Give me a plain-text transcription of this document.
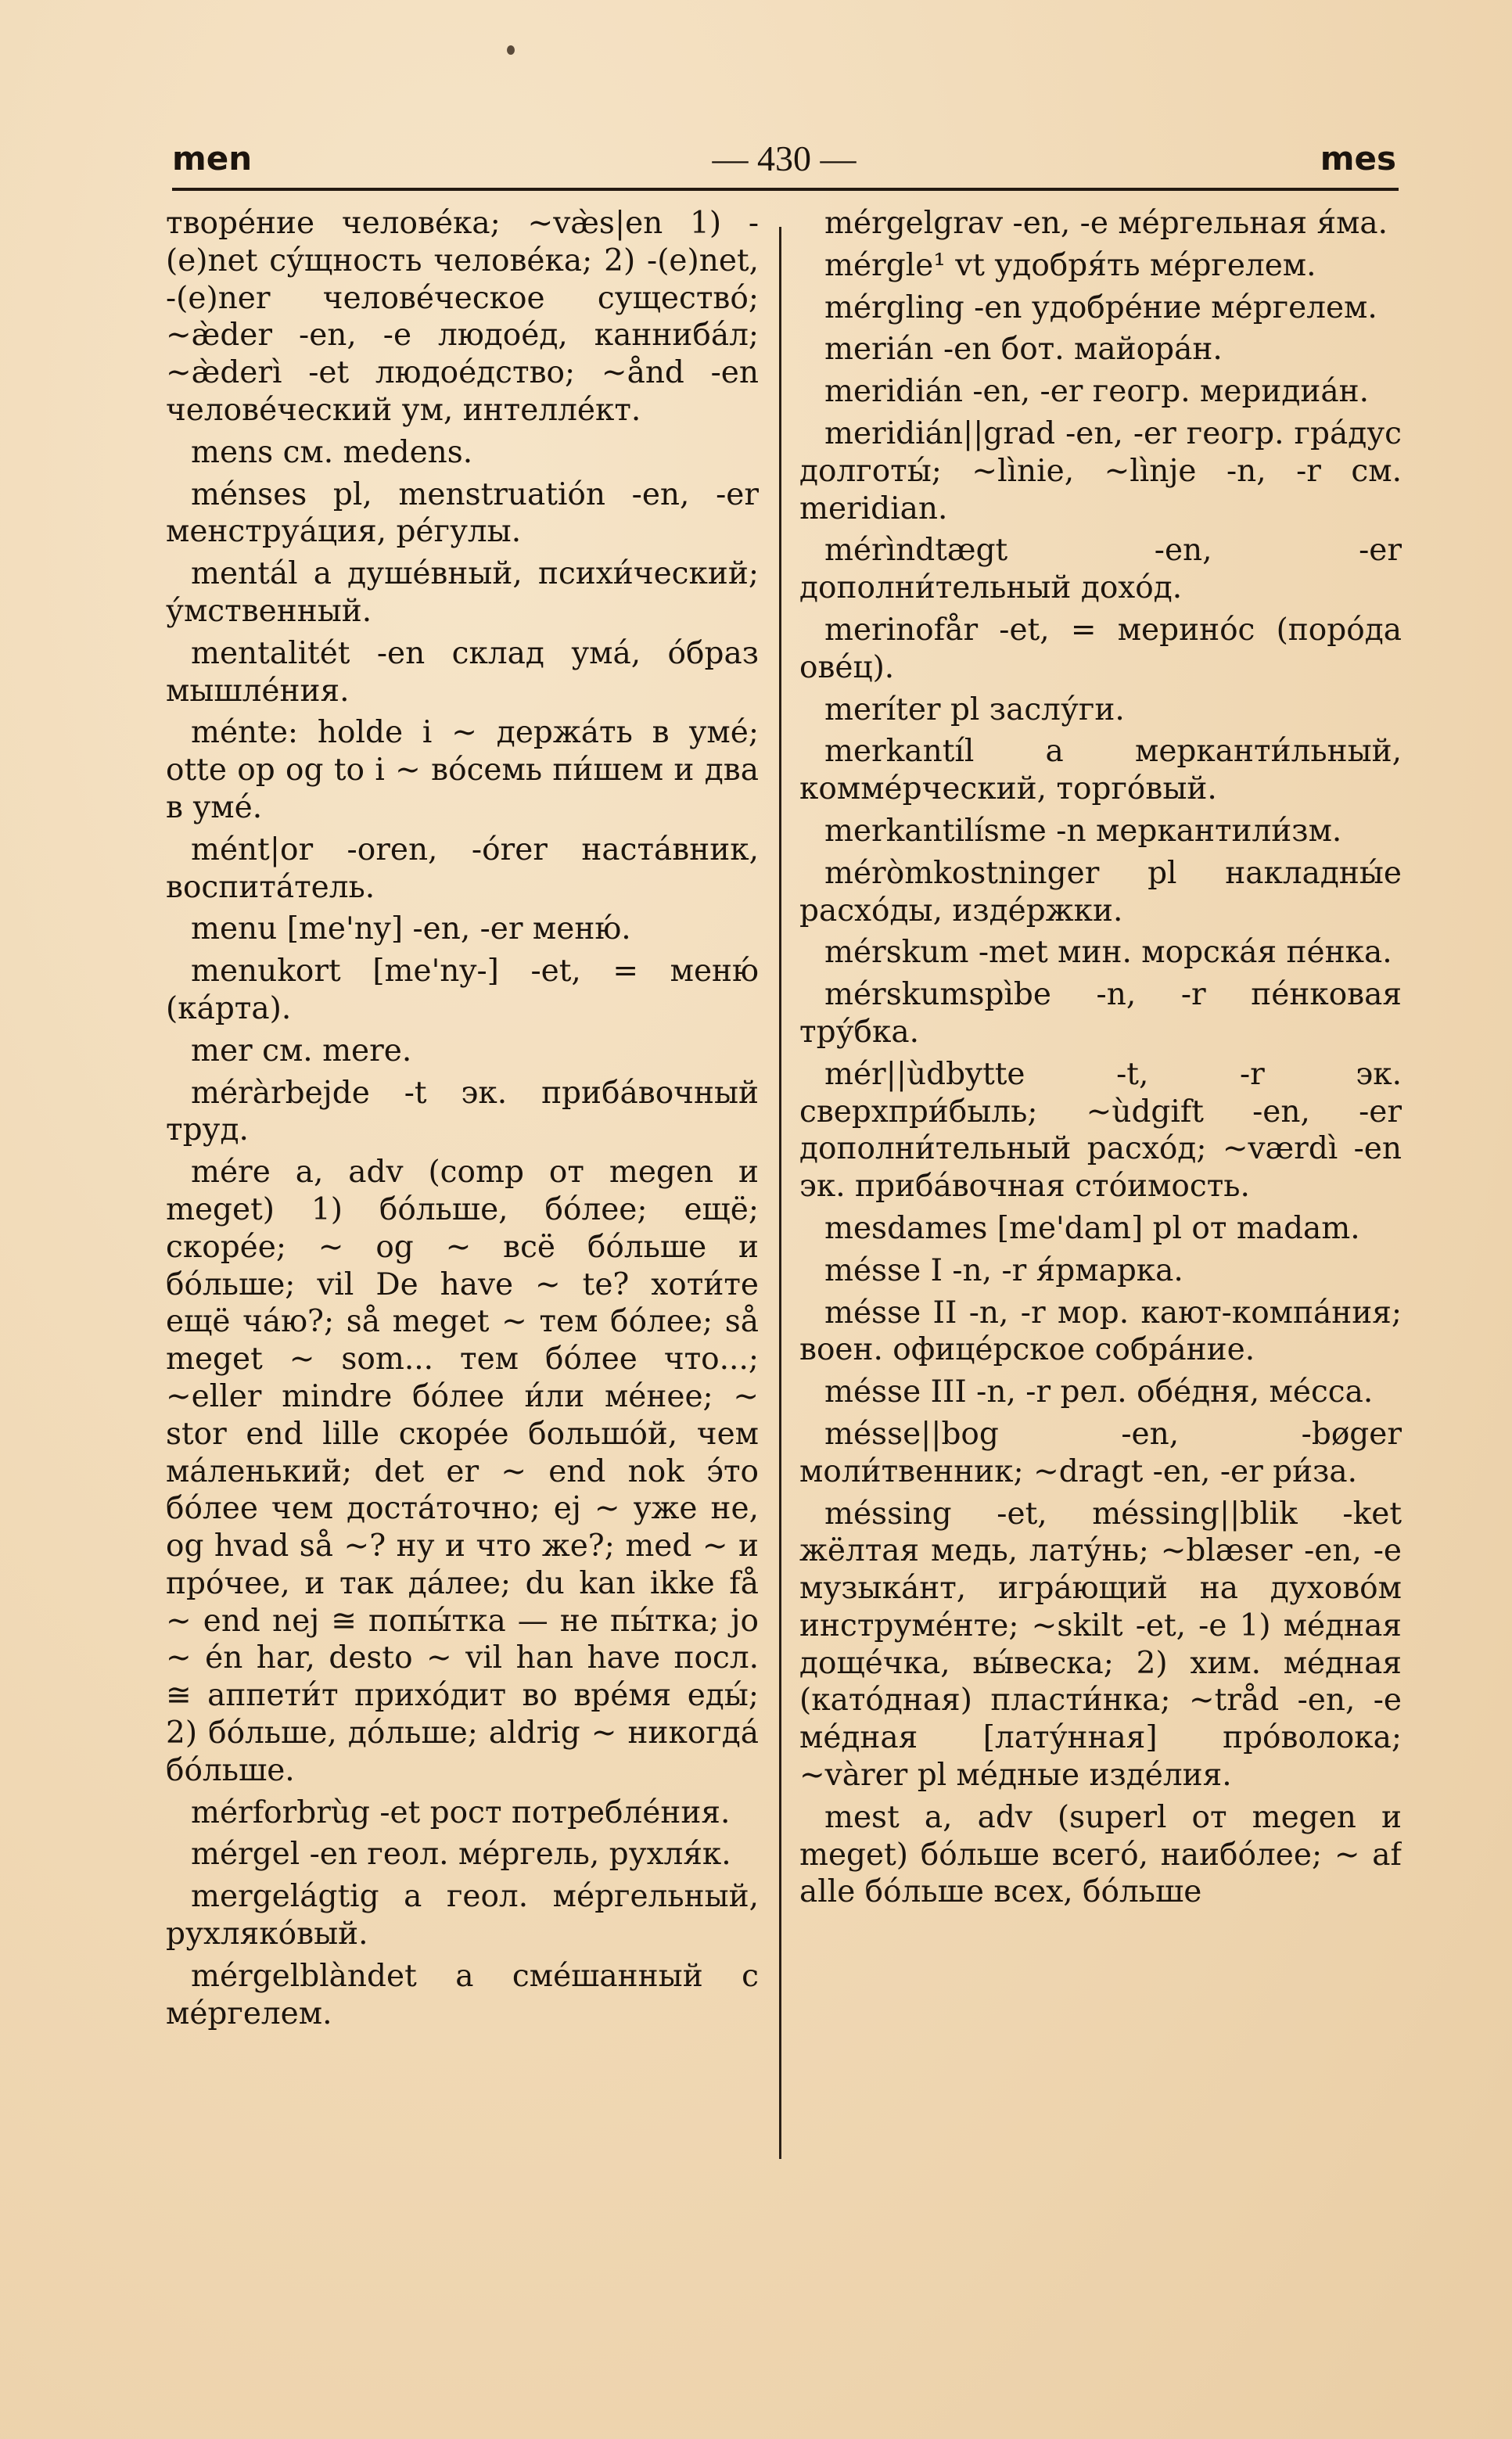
men	— 430 —	mes

творе́ние челове́ка; ~væ̀s|en 1) -(e)net су́щность челове́ка; 2) -(e)net, -(e)ner челове́ческое существо́; ~æ̀der -en, -e людое́д, канниба́л; ~æ̀derì -et людое́дство; ~ånd -en челове́ческий ум, интелле́кт.

mens см. medens.

ménses pl, menstruatión -en, -er менструа́ция, ре́гулы.

mentál a душе́вный, психи́ческий; у́мственный.

mentalitét -en склад ума́, о́браз мышле́ния.

ménte: holde i ~ держа́ть в уме́; otte op og to i ~ во́семь пи́шем и два в уме́.

mént|or -oren, -órer наста́вник, воспита́тель.

menu [me'ny] -en, -er меню́.

menukort [me'ny-] -et, = меню́ (ка́рта).

mer см. mere.

méràrbejde -t эк. приба́вочный труд.

mére a, adv (comp от megen и meget) 1) бо́льше, бо́лее; ещё; скоре́е; ~ og ~ всё бо́льше и бо́льше; vil De have ~ te? хоти́те ещё ча́ю?; så meget ~ тем бо́лее; så meget ~ som... тем бо́лее что...; ~eller mindre бо́лее и́ли ме́нее; ~ stor end lille скоре́е большо́й, чем ма́ленький; det er ~ end nok э́то бо́лее чем доста́точно; ej ~ уже не, og hvad så ~? ну и что же?; med ~ и про́чее, и так да́лее; du kan ikke få ~ end nej ≅ попы́тка — не пы́тка; jo ~ én har, desto ~ vil han have посл. ≅ аппети́т прихо́дит во вре́мя еды́; 2) бо́льше, до́льше; aldrig ~ никогда́ бо́льше.

mérforbrùg -et рост потребле́ния.

mérgel -en геол. ме́ргель, рухля́к.

mergelágtig a геол. ме́ргельный, рухляко́вый.

mérgelblàndet a сме́шанный с ме́ргелем.

mérgelgrav -en, -e ме́ргельная я́ма.

mérgle¹ vt удобря́ть ме́ргелем.

mérgling -en удобре́ние ме́ргелем.

merián -en бот. майора́н.

meridián -en, -er геогр. меридиа́н.

meridián||grad -en, -er геогр. гра́дус долготы́; ~lìnie, ~lìnje -n, -r см. meridian.

mérìndtægt -en, -er дополни́тельный дохо́д.

merinofår -et, = мерино́с (поро́да ове́ц).

meríter pl заслу́ги.

merkantíl a мерканти́льный, комме́рческий, торго́вый.

merkantilísme -n меркантили́зм.

méròmkostninger pl накладны́е расхо́ды, изде́ржки.

mérskum -met мин. морска́я пе́нка.

mérskumspìbe -n, -r пе́нковая тру́бка.

mér||ùdbytte -t, -r эк. сверхпри́быль; ~ùdgift -en, -er дополни́тельный расхо́д; ~værdì -en эк. приба́вочная сто́имость.

mesdames [me'dam] pl от madam.

mésse I -n, -r я́рмарка.

mésse II -n, -r мор. кают-компа́ния; воен. офице́рское собра́ние.

mésse III -n, -r рел. обе́дня, ме́сса.

mésse||bog -en, -bøger моли́твенник; ~dragt -en, -er ри́за.

méssing -et, méssing||blik -ket жёлтая медь, лату́нь; ~blæser -en, -e музыка́нт, игра́ющий на духово́м инструме́нте; ~skilt -et, -e 1) ме́дная доще́чка, вы́веска; 2) хим. ме́дная (като́дная) пласти́нка; ~tråd -en, -e ме́дная [лату́нная] про́волока; ~vàrer pl ме́дные изде́лия.

mest a, adv (superl от megen и meget) бо́льше всего́, наибо́лее; ~ af alle бо́льше всех, бо́льше
